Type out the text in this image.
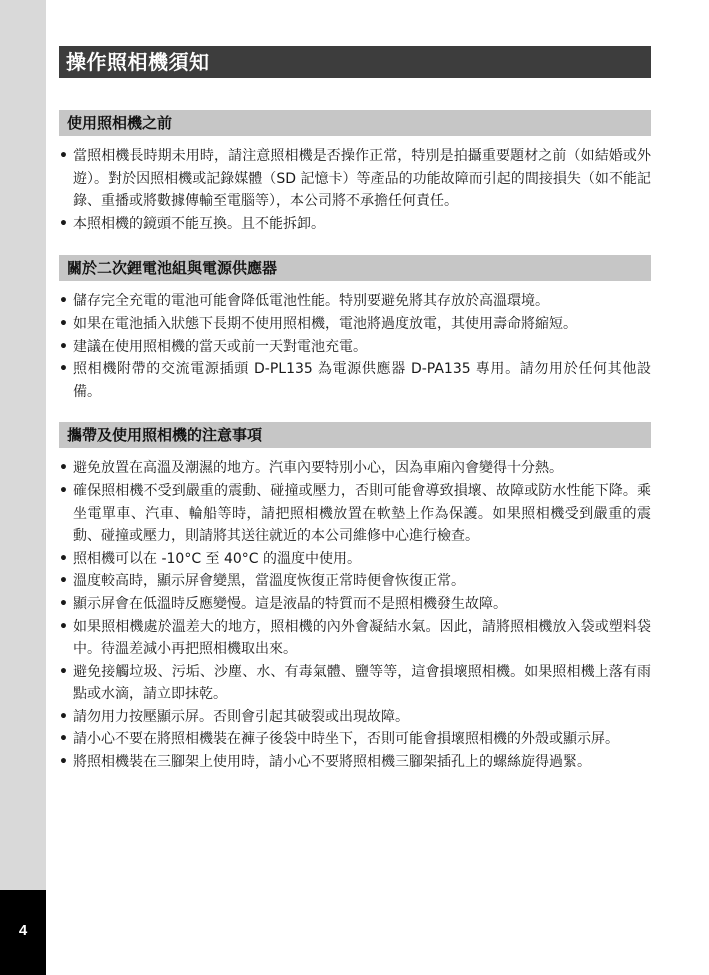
4
操作照相機須知
使用照相機之前
• 當照相機長時期未用時，請注意照相機是否操作正常，特別是拍攝重要題材之前（如結婚或外遊）。對於因照相機或記錄媒體（SD 記憶卡）等產品的功能故障而引起的間接損失（如不能記錄、重播或將數據傳輸至電腦等），本公司將不承擔任何責任。
• 本照相機的鏡頭不能互換。且不能拆卸。
關於二次鋰電池組與電源供應器
• 儲存完全充電的電池可能會降低電池性能。特別要避免將其存放於高溫環境。
• 如果在電池插入狀態下長期不使用照相機，電池將過度放電，其使用壽命將縮短。
• 建議在使用照相機的當天或前一天對電池充電。
• 照相機附帶的交流電源插頭 D-PL135 為電源供應器 D-PA135 專用。請勿用於任何其他設備。
攜帶及使用照相機的注意事項
• 避免放置在高溫及潮濕的地方。汽車內要特別小心，因為車廂內會變得十分熱。
• 確保照相機不受到嚴重的震動、碰撞或壓力，否則可能會導致損壞、故障或防水性能下降。乘坐電單車、汽車、輪船等時，請把照相機放置在軟墊上作為保護。如果照相機受到嚴重的震動、碰撞或壓力，則請將其送往就近的本公司維修中心進行檢查。
• 照相機可以在 -10°C 至 40°C 的溫度中使用。
• 溫度較高時，顯示屏會變黑，當溫度恢復正常時便會恢復正常。
• 顯示屏會在低溫時反應變慢。這是液晶的特質而不是照相機發生故障。
• 如果照相機處於溫差大的地方，照相機的內外會凝結水氣。因此，請將照相機放入袋或塑料袋中。待溫差減小再把照相機取出來。
• 避免接觸垃圾、污垢、沙塵、水、有毒氣體、鹽等等，這會損壞照相機。如果照相機上落有雨點或水滴，請立即抹乾。
• 請勿用力按壓顯示屏。否則會引起其破裂或出現故障。
• 請小心不要在將照相機裝在褲子後袋中時坐下，否則可能會損壞照相機的外殼或顯示屏。
• 將照相機裝在三腳架上使用時，請小心不要將照相機三腳架插孔上的螺絲旋得過緊。
